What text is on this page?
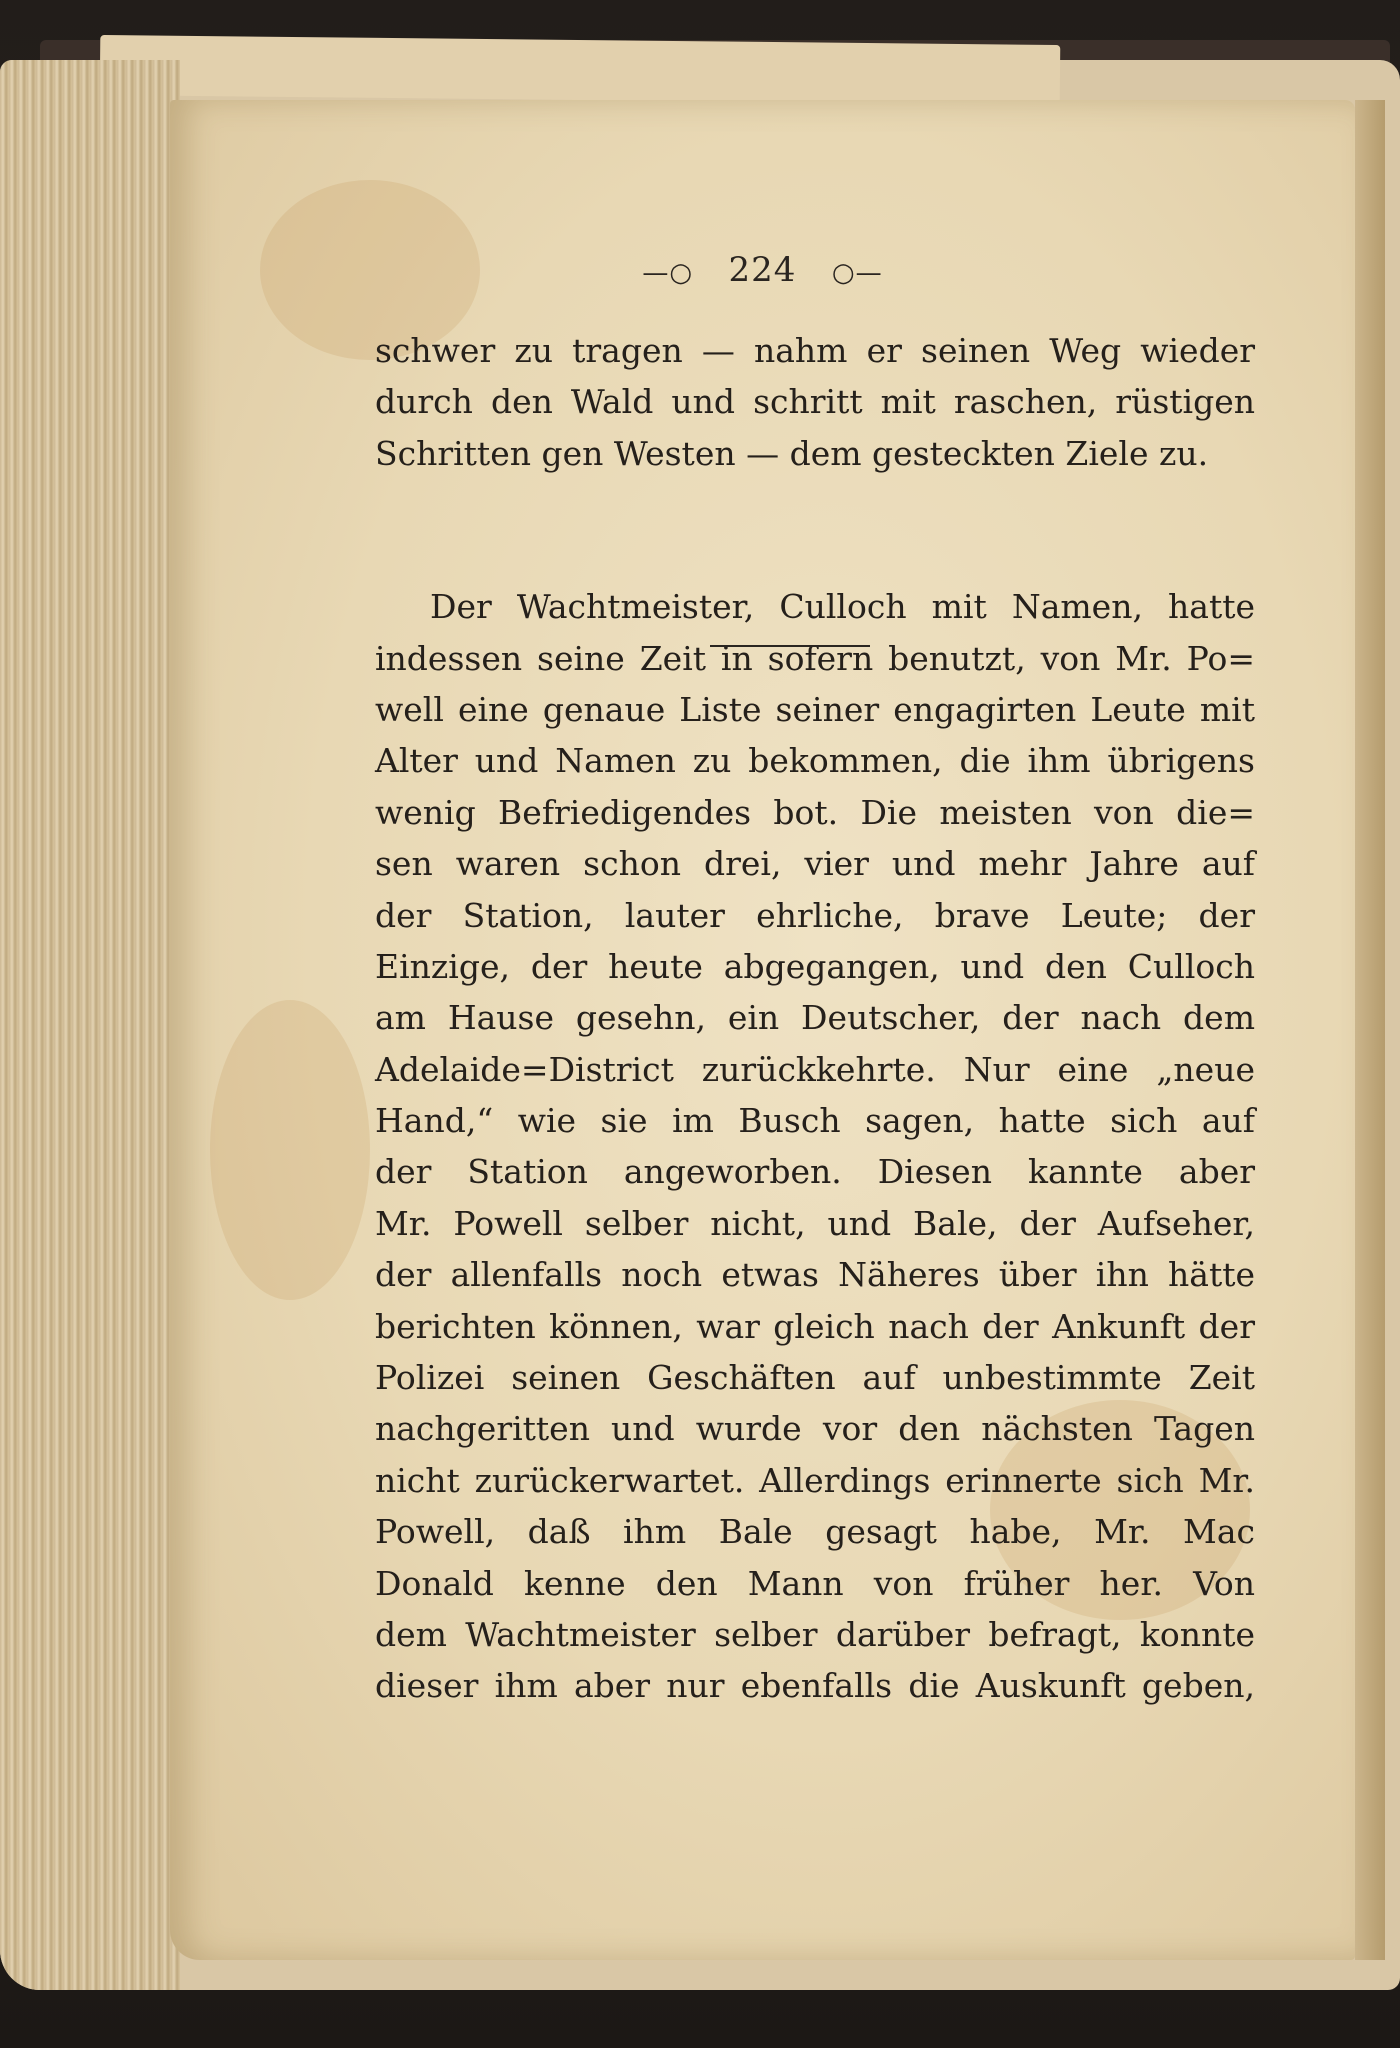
—○ 224 ○—
schwer zu tragen — nahm er seinen Weg wieder
durch den Wald und schritt mit raschen, rüstigen
Schritten gen Westen — dem gesteckten Ziele zu.
Der Wachtmeister, Culloch mit Namen, hatte
indessen seine Zeit in sofern benutzt, von Mr. Po=
well eine genaue Liste seiner engagirten Leute mit
Alter und Namen zu bekommen, die ihm übrigens
wenig Befriedigendes bot. Die meisten von die=
sen waren schon drei, vier und mehr Jahre auf
der Station, lauter ehrliche, brave Leute; der
Einzige, der heute abgegangen, und den Culloch
am Hause gesehn, ein Deutscher, der nach dem
Adelaide=District zurückkehrte. Nur eine „neue
Hand,“ wie sie im Busch sagen, hatte sich auf
der Station angeworben. Diesen kannte aber
Mr. Powell selber nicht, und Bale, der Aufseher,
der allenfalls noch etwas Näheres über ihn hätte
berichten können, war gleich nach der Ankunft der
Polizei seinen Geschäften auf unbestimmte Zeit
nachgeritten und wurde vor den nächsten Tagen
nicht zurückerwartet. Allerdings erinnerte sich Mr.
Powell, daß ihm Bale gesagt habe, Mr. Mac
Donald kenne den Mann von früher her. Von
dem Wachtmeister selber darüber befragt, konnte
dieser ihm aber nur ebenfalls die Auskunft geben,
